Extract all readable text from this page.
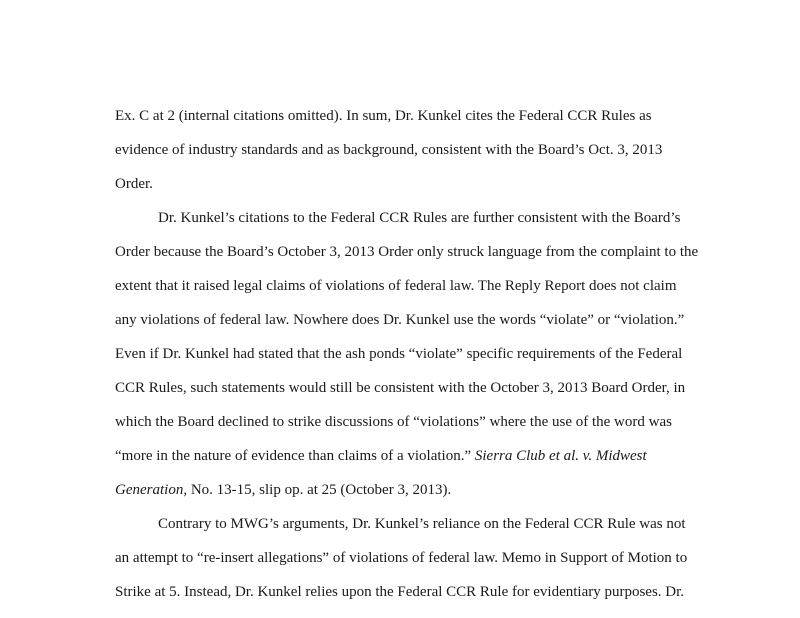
Ex. C at 2 (internal citations omitted). In sum, Dr. Kunkel cites the Federal CCR Rules as
evidence of industry standards and as background, consistent with the Board’s Oct. 3, 2013
Order.
Dr. Kunkel’s citations to the Federal CCR Rules are further consistent with the Board’s
Order because the Board’s October 3, 2013 Order only struck language from the complaint to the
extent that it raised legal claims of violations of federal law. The Reply Report does not claim
any violations of federal law. Nowhere does Dr. Kunkel use the words “violate” or “violation.”
Even if Dr. Kunkel had stated that the ash ponds “violate” specific requirements of the Federal
CCR Rules, such statements would still be consistent with the October 3, 2013 Board Order, in
which the Board declined to strike discussions of “violations” where the use of the word was
“more in the nature of evidence than claims of a violation.” Sierra Club et al. v. Midwest
Generation, No. 13-15, slip op. at 25 (October 3, 2013).
Contrary to MWG’s arguments, Dr. Kunkel’s reliance on the Federal CCR Rule was not
an attempt to “re-insert allegations” of violations of federal law. Memo in Support of Motion to
Strike at 5. Instead, Dr. Kunkel relies upon the Federal CCR Rule for evidentiary purposes. Dr.
